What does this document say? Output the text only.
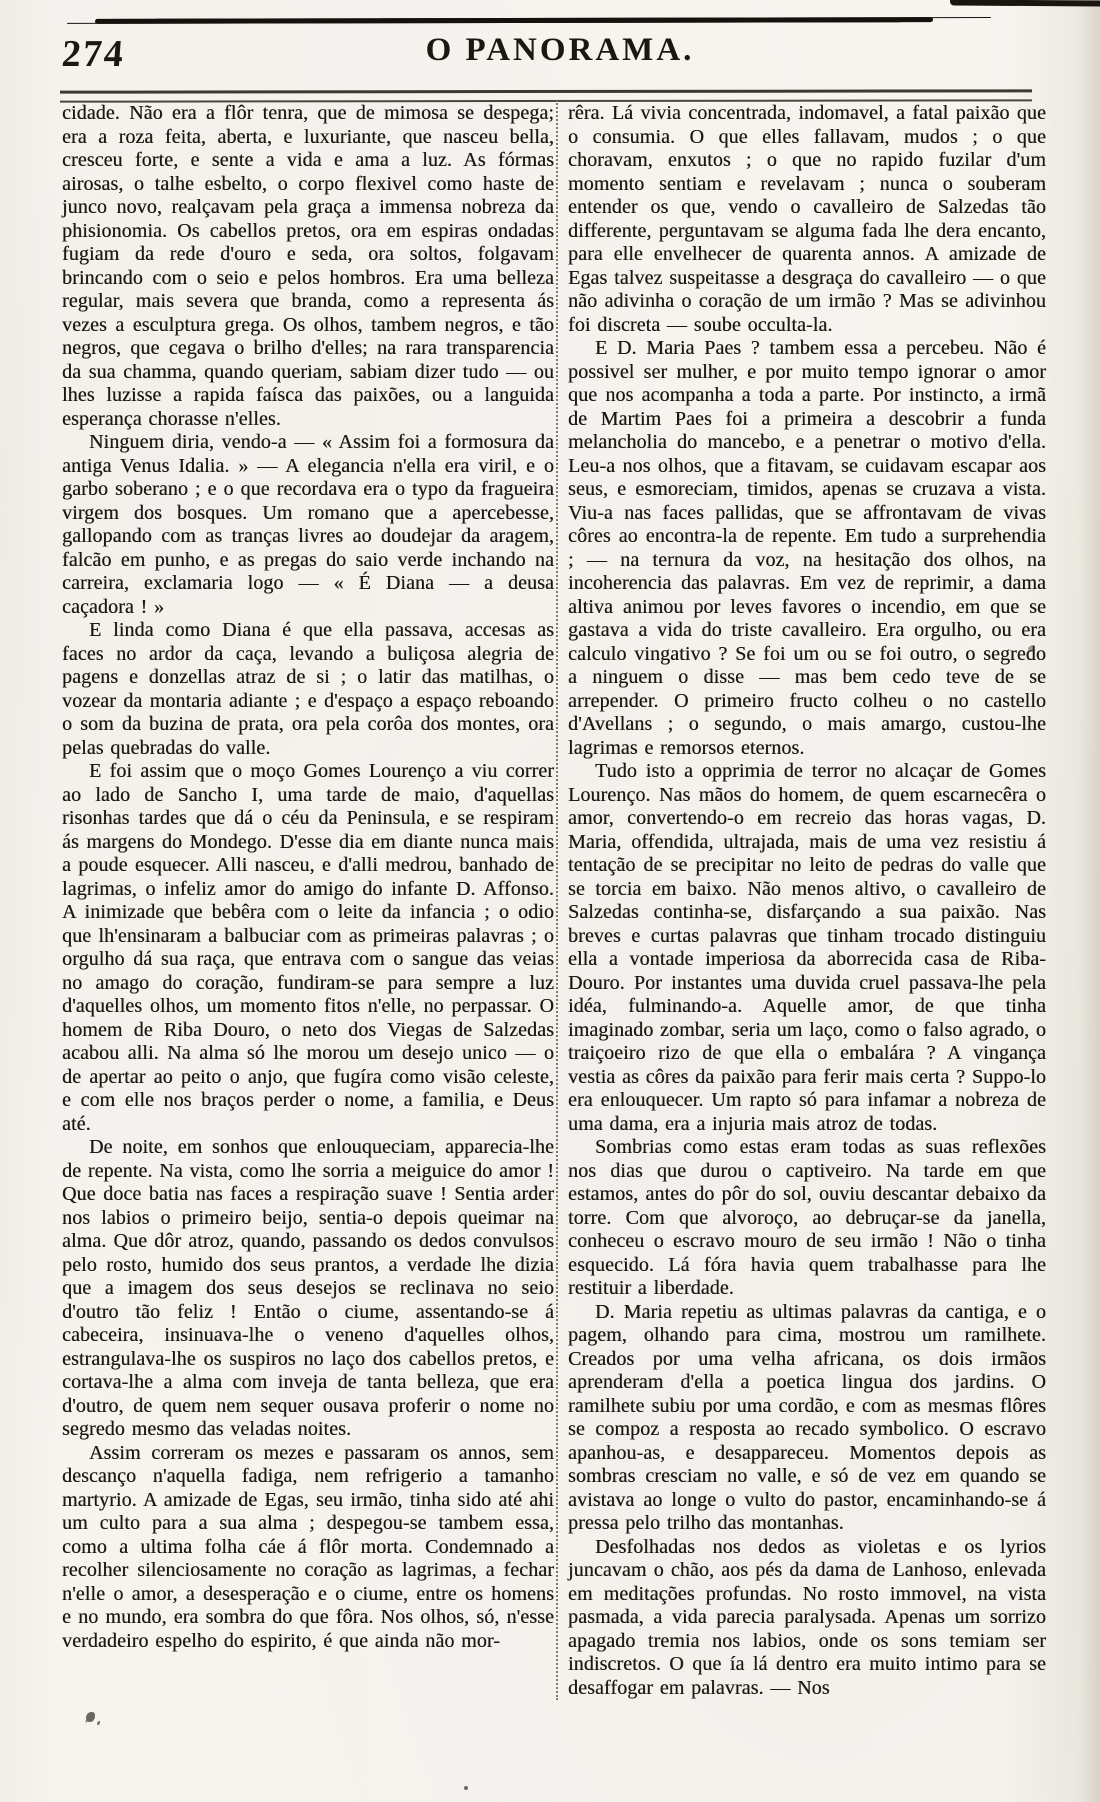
274	O PANORAMA.

cidade. Não era a flôr tenra, que de mimosa se despega; era a roza feita, aberta, e luxuriante, que nasceu bella, cresceu forte, e sente a vida e ama a luz. As fórmas airosas, o talhe esbelto, o corpo flexivel como haste de junco novo, realçavam pela graça a immensa nobreza da phisionomia. Os cabellos pretos, ora em espiras ondadas fugiam da rede d'ouro e seda, ora soltos, folgavam brincando com o seio e pelos hombros. Era uma belleza regular, mais severa que branda, como a representa ás vezes a esculptura grega. Os olhos, tambem negros, e tão negros, que cegava o brilho d'elles; na rara transparencia da sua chamma, quando queriam, sabiam dizer tudo — ou lhes luzisse a rapida faísca das paixões, ou a languida esperança chorasse n'elles.

Ninguem diria, vendo-a — « Assim foi a formosura da antiga Venus Idalia. » — A elegancia n'ella era viril, e o garbo soberano ; e o que recordava era o typo da fragueira virgem dos bosques. Um romano que a apercebesse, gallopando com as tranças livres ao doudejar da aragem, falcão em punho, e as pregas do saio verde inchando na carreira, exclamaria logo — « É Diana — a deusa caçadora ! »

E linda como Diana é que ella passava, accesas as faces no ardor da caça, levando a buliçosa alegria de pagens e donzellas atraz de si ; o latir das matilhas, o vozear da montaria adiante ; e d'espaço a espaço reboando o som da buzina de prata, ora pela corôa dos montes, ora pelas quebradas do valle.

E foi assim que o moço Gomes Lourenço a viu correr ao lado de Sancho I, uma tarde de maio, d'aquellas risonhas tardes que dá o céu da Peninsula, e se respiram ás margens do Mondego. D'esse dia em diante nunca mais a poude esquecer. Alli nasceu, e d'alli medrou, banhado de lagrimas, o infeliz amor do amigo do infante D. Affonso. A inimizade que bebêra com o leite da infancia ; o odio que lh'ensinaram a balbuciar com as primeiras palavras ; o orgulho dá sua raça, que entrava com o sangue das veias no amago do coração, fundiram-se para sempre a luz d'aquelles olhos, um momento fitos n'elle, no perpassar. O homem de Riba Douro, o neto dos Viegas de Salzedas acabou alli. Na alma só lhe morou um desejo unico — o de apertar ao peito o anjo, que fugíra como visão celeste, e com elle nos braços perder o nome, a familia, e Deus até.

De noite, em sonhos que enlouqueciam, apparecia-lhe de repente. Na vista, como lhe sorria a meiguice do amor ! Que doce batia nas faces a respiração suave ! Sentia arder nos labios o primeiro beijo, sentia-o depois queimar na alma. Que dôr atroz, quando, passando os dedos convulsos pelo rosto, humido dos seus prantos, a verdade lhe dizia que a imagem dos seus desejos se reclinava no seio d'outro tão feliz ! Então o ciume, assentando-se á cabeceira, insinuava-lhe o veneno d'aquelles olhos, estrangulava-lhe os suspiros no laço dos cabellos pretos, e cortava-lhe a alma com inveja de tanta belleza, que era d'outro, de quem nem sequer ousava proferir o nome no segredo mesmo das veladas noites.

Assim correram os mezes e passaram os annos, sem descanço n'aquella fadiga, nem refrigerio a tamanho martyrio. A amizade de Egas, seu irmão, tinha sido até ahi um culto para a sua alma ; despegou-se tambem essa, como a ultima folha cáe á flôr morta. Condemnado a recolher silenciosamente no coração as lagrimas, a fechar n'elle o amor, a desesperação e o ciume, entre os homens e no mundo, era sombra do que fôra. Nos olhos, só, n'esse verdadeiro espelho do espirito, é que ainda não mor-

rêra. Lá vivia concentrada, indomavel, a fatal paixão que o consumia. O que elles fallavam, mudos ; o que choravam, enxutos ; o que no rapido fuzilar d'um momento sentiam e revelavam ; nunca o souberam entender os que, vendo o cavalleiro de Salzedas tão differente, perguntavam se alguma fada lhe dera encanto, para elle envelhecer de quarenta annos. A amizade de Egas talvez suspeitasse a desgraça do cavalleiro — o que não adivinha o coração de um irmão ? Mas se adivinhou foi discreta — soube occulta-la.

E D. Maria Paes ? tambem essa a percebeu. Não é possivel ser mulher, e por muito tempo ignorar o amor que nos acompanha a toda a parte. Por instincto, a irmã de Martim Paes foi a primeira a descobrir a funda melancholia do mancebo, e a penetrar o motivo d'ella. Leu-a nos olhos, que a fitavam, se cuidavam escapar aos seus, e esmoreciam, timidos, apenas se cruzava a vista. Viu-a nas faces pallidas, que se affrontavam de vivas côres ao encontra-la de repente. Em tudo a surprehendia ; — na ternura da voz, na hesitação dos olhos, na incoherencia das palavras. Em vez de reprimir, a dama altiva animou por leves favores o incendio, em que se gastava a vida do triste cavalleiro. Era orgulho, ou era calculo vingativo ? Se foi um ou se foi outro, o segredo a ninguem o disse — mas bem cedo teve de se arrepender. O primeiro fructo colheu o no castello d'Avellans ; o segundo, o mais amargo, custou-lhe lagrimas e remorsos eternos.

Tudo isto a opprimia de terror no alcaçar de Gomes Lourenço. Nas mãos do homem, de quem escarnecêra o amor, convertendo-o em recreio das horas vagas, D. Maria, offendida, ultrajada, mais de uma vez resistiu á tentação de se precipitar no leito de pedras do valle que se torcia em baixo. Não menos altivo, o cavalleiro de Salzedas continha-se, disfarçando a sua paixão. Nas breves e curtas palavras que tinham trocado distinguiu ella a vontade imperiosa da aborrecida casa de Riba-Douro. Por instantes uma duvida cruel passava-lhe pela idéa, fulminando-a. Aquelle amor, de que tinha imaginado zombar, seria um laço, como o falso agrado, o traiçoeiro rizo de que ella o embalára ? A vingança vestia as côres da paixão para ferir mais certa ? Suppo-lo era enlouquecer. Um rapto só para infamar a nobreza de uma dama, era a injuria mais atroz de todas.

Sombrias como estas eram todas as suas reflexões nos dias que durou o captiveiro. Na tarde em que estamos, antes do pôr do sol, ouviu descantar debaixo da torre. Com que alvoroço, ao debruçar-se da janella, conheceu o escravo mouro de seu irmão ! Não o tinha esquecido. Lá fóra havia quem trabalhasse para lhe restituir a liberdade.

D. Maria repetiu as ultimas palavras da cantiga, e o pagem, olhando para cima, mostrou um ramilhete. Creados por uma velha africana, os dois irmãos aprenderam d'ella a poetica lingua dos jardins. O ramilhete subiu por uma cordão, e com as mesmas flôres se compoz a resposta ao recado symbolico. O escravo apanhou-as, e desappareceu. Momentos depois as sombras cresciam no valle, e só de vez em quando se avistava ao longe o vulto do pastor, encaminhando-se á pressa pelo trilho das montanhas.

Desfolhadas nos dedos as violetas e os lyrios juncavam o chão, aos pés da dama de Lanhoso, enlevada em meditações profundas. No rosto immovel, na vista pasmada, a vida parecia paralysada. Apenas um sorrizo apagado tremia nos labios, onde os sons temiam ser indiscretos. O que ía lá dentro era muito intimo para se desaffogar em palavras. — Nos
